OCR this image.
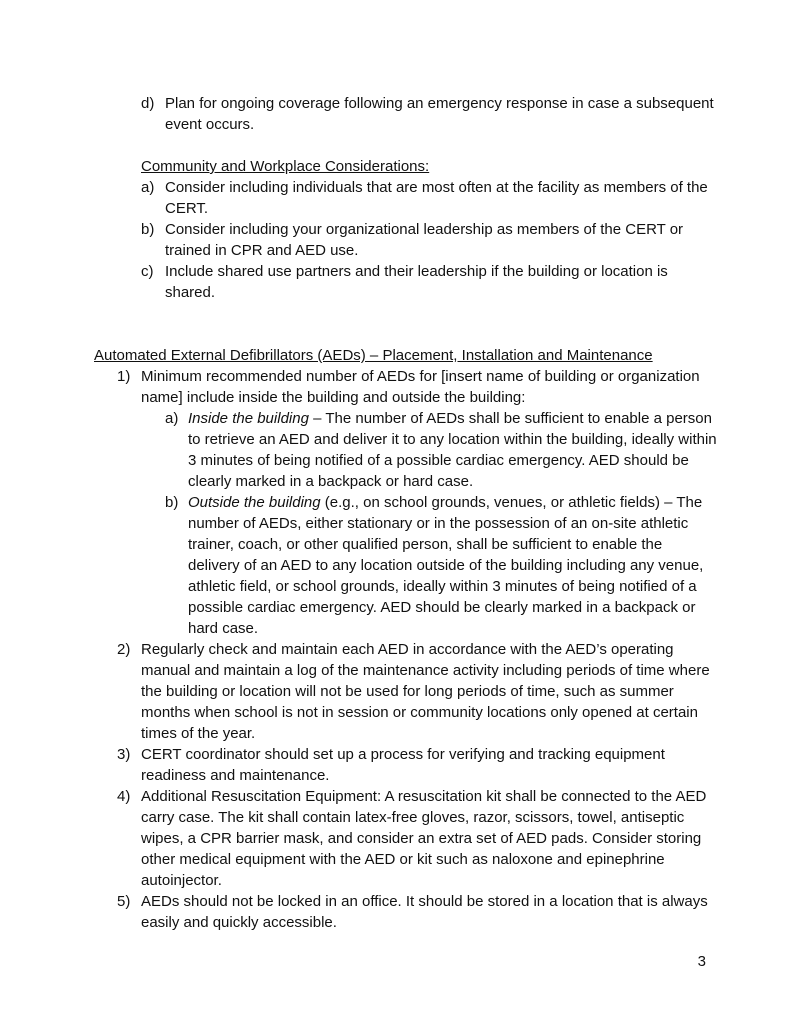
d) Plan for ongoing coverage following an emergency response in case a subsequent event occurs.
Community and Workplace Considerations:
a) Consider including individuals that are most often at the facility as members of the CERT.
b) Consider including your organizational leadership as members of the CERT or trained in CPR and AED use.
c) Include shared use partners and their leadership if the building or location is shared.
Automated External Defibrillators (AEDs) – Placement, Installation and Maintenance
1) Minimum recommended number of AEDs for [insert name of building or organization name] include inside the building and outside the building:
a) Inside the building – The number of AEDs shall be sufficient to enable a person to retrieve an AED and deliver it to any location within the building, ideally within 3 minutes of being notified of a possible cardiac emergency. AED should be clearly marked in a backpack or hard case.
b) Outside the building (e.g., on school grounds, venues, or athletic fields) – The number of AEDs, either stationary or in the possession of an on-site athletic trainer, coach, or other qualified person, shall be sufficient to enable the delivery of an AED to any location outside of the building including any venue, athletic field, or school grounds, ideally within 3 minutes of being notified of a possible cardiac emergency. AED should be clearly marked in a backpack or hard case.
2) Regularly check and maintain each AED in accordance with the AED’s operating manual and maintain a log of the maintenance activity including periods of time where the building or location will not be used for long periods of time, such as summer months when school is not in session or community locations only opened at certain times of the year.
3) CERT coordinator should set up a process for verifying and tracking equipment readiness and maintenance.
4) Additional Resuscitation Equipment: A resuscitation kit shall be connected to the AED carry case. The kit shall contain latex-free gloves, razor, scissors, towel, antiseptic wipes, a CPR barrier mask, and consider an extra set of AED pads. Consider storing other medical equipment with the AED or kit such as naloxone and epinephrine autoinjector.
5) AEDs should not be locked in an office. It should be stored in a location that is always easily and quickly accessible.
3
